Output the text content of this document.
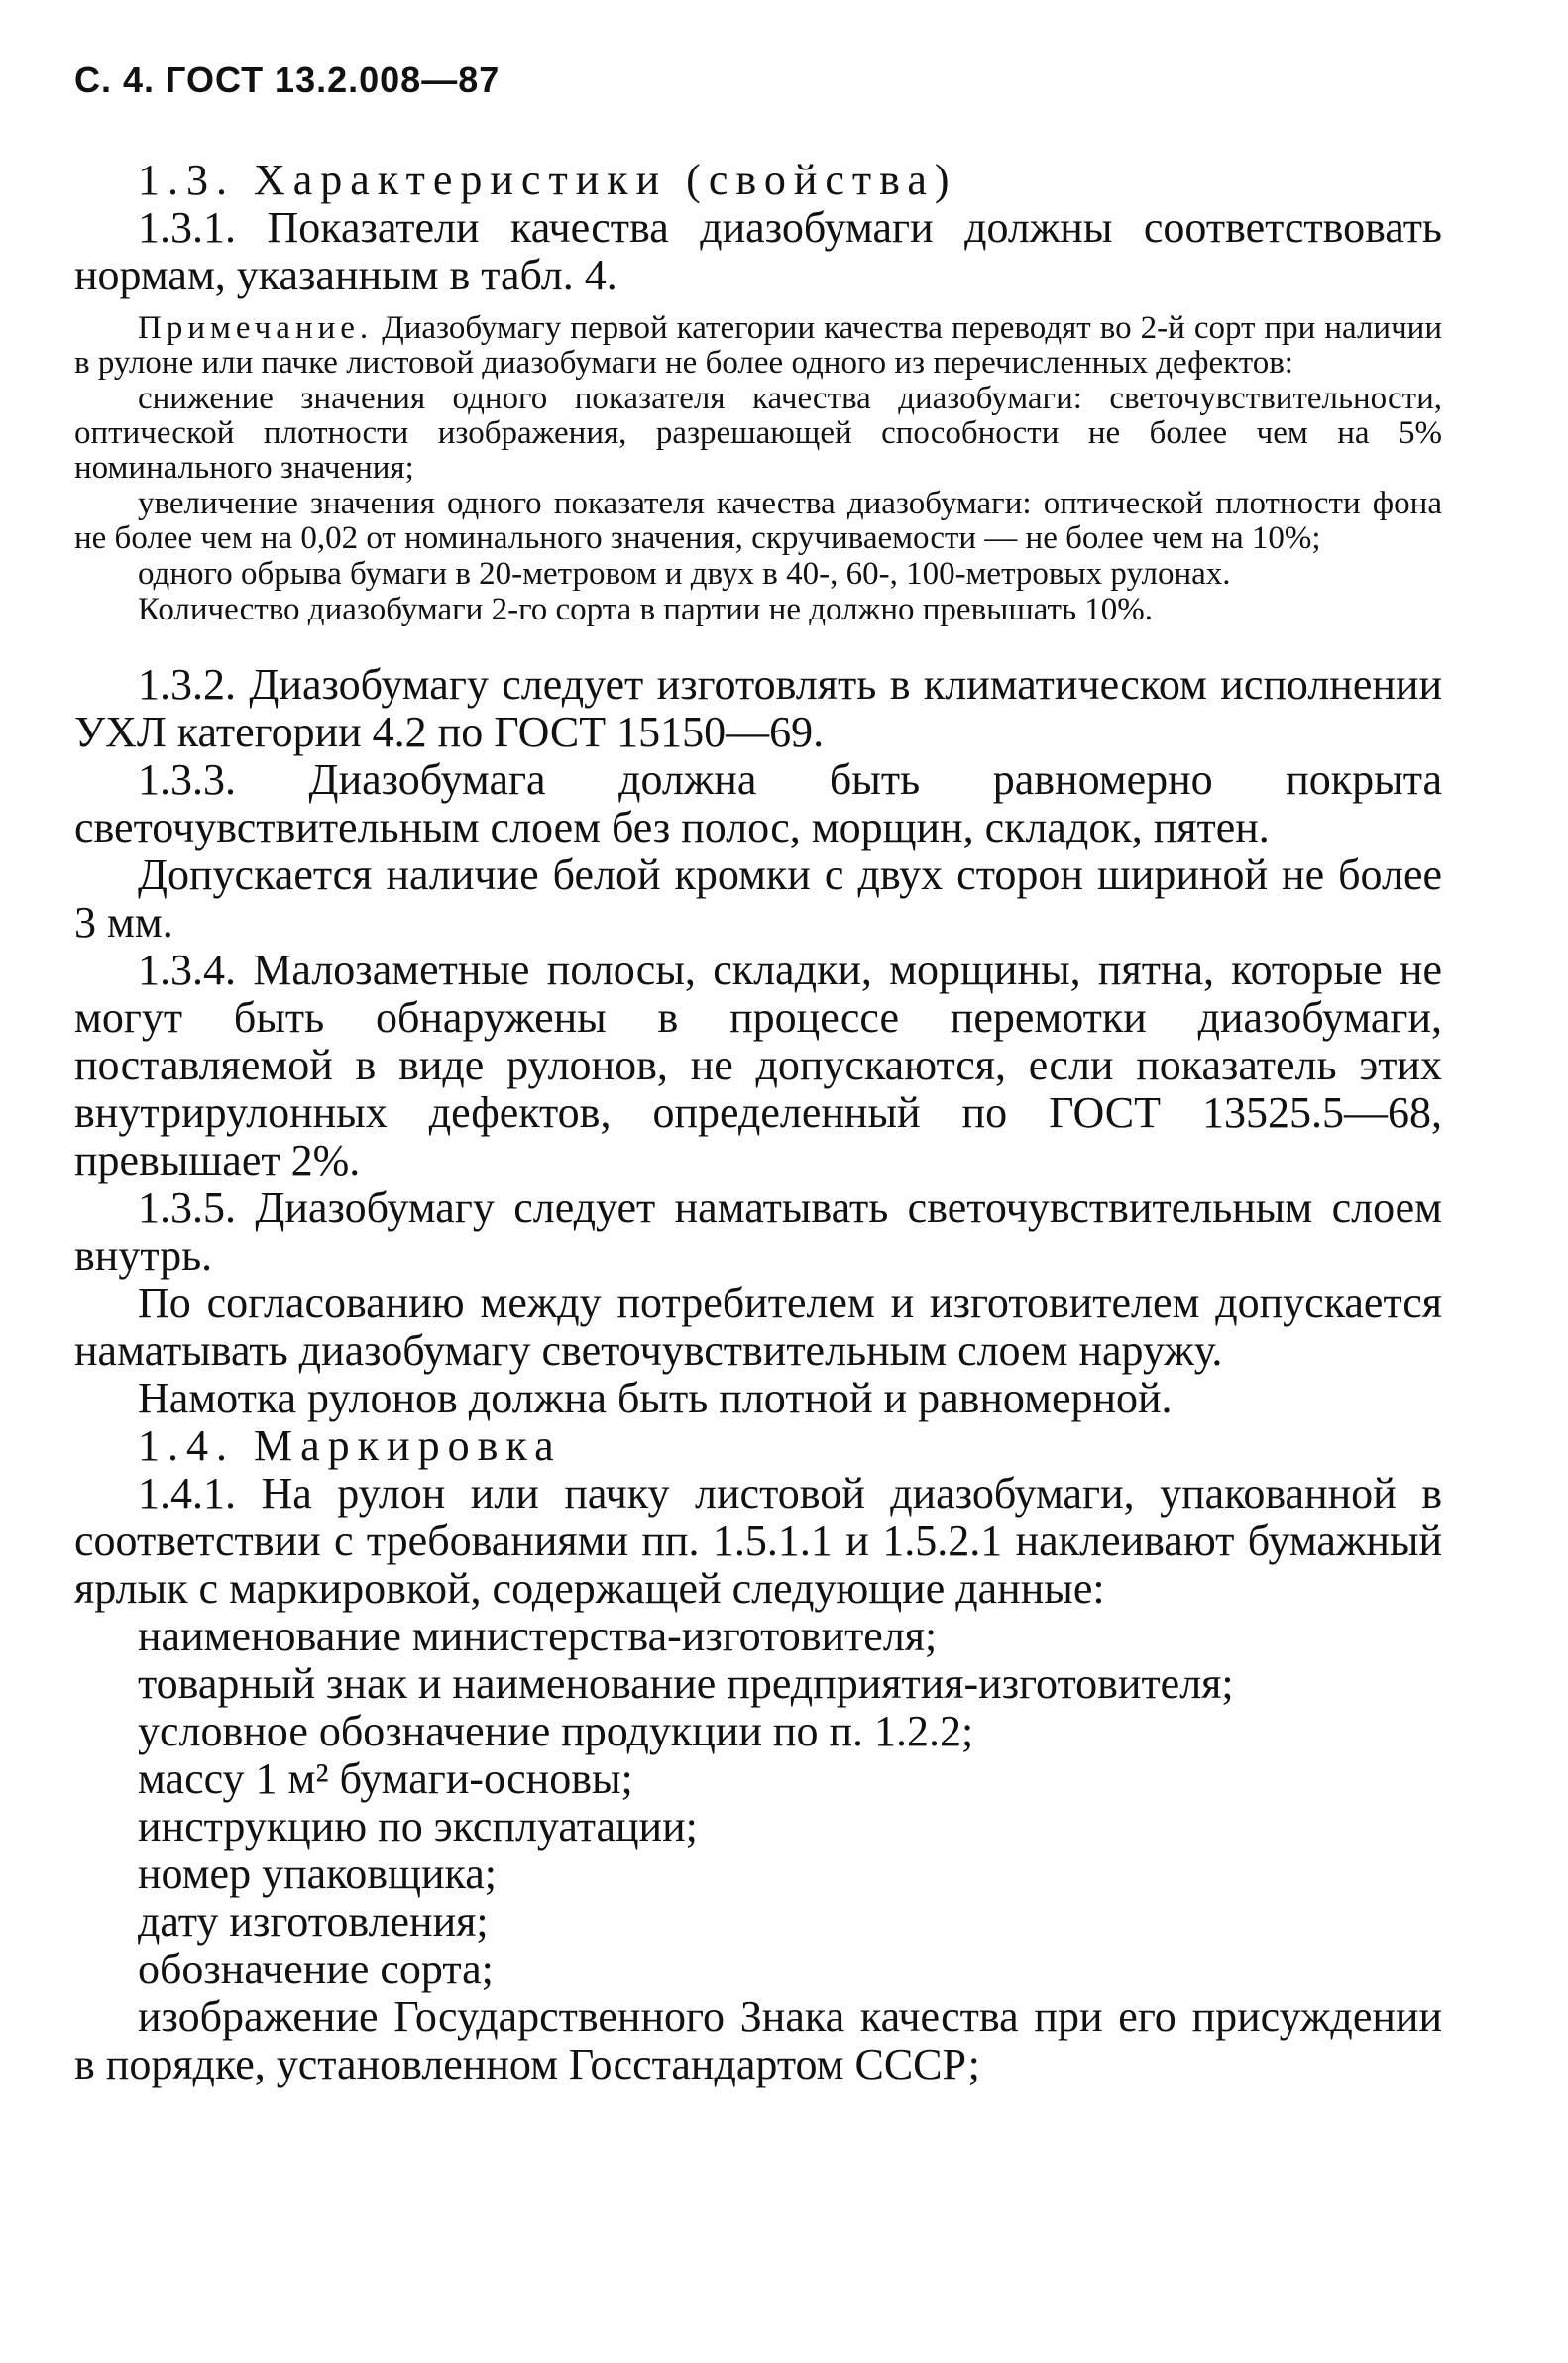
С. 4. ГОСТ 13.2.008—87

1.3. Характеристики (свойства)

1.3.1. Показатели качества диазобумаги должны соответствовать нормам, указанным в табл. 4.

Примечание. Диазобумагу первой категории качества переводят во 2-й сорт при наличии в рулоне или пачке листовой диазобумаги не более одного из перечисленных дефектов:

снижение значения одного показателя качества диазобумаги: светочувствительности, оптической плотности изображения, разрешающей способности не более чем на 5% номинального значения;

увеличение значения одного показателя качества диазобумаги: оптической плотности фона не более чем на 0,02 от номинального значения, скручиваемости — не более чем на 10%;

одного обрыва бумаги в 20-метровом и двух в 40-, 60-, 100-метровых рулонах.

Количество диазобумаги 2-го сорта в партии не должно превышать 10%.

1.3.2. Диазобумагу следует изготовлять в климатическом исполнении УХЛ категории 4.2 по ГОСТ 15150—69.

1.3.3. Диазобумага должна быть равномерно покрыта светочувствительным слоем без полос, морщин, складок, пятен.

Допускается наличие белой кромки с двух сторон шириной не более 3 мм.

1.3.4. Малозаметные полосы, складки, морщины, пятна, которые не могут быть обнаружены в процессе перемотки диазобумаги, поставляемой в виде рулонов, не допускаются, если показатель этих внутрирулонных дефектов, определенный по ГОСТ 13525.5—68, превышает 2%.

1.3.5. Диазобумагу следует наматывать светочувствительным слоем внутрь.

По согласованию между потребителем и изготовителем допускается наматывать диазобумагу светочувствительным слоем наружу.

Намотка рулонов должна быть плотной и равномерной.

1.4. Маркировка

1.4.1. На рулон или пачку листовой диазобумаги, упакованной в соответствии с требованиями пп. 1.5.1.1 и 1.5.2.1 наклеивают бумажный ярлык с маркировкой, содержащей следующие данные:

наименование министерства-изготовителя;

товарный знак и наименование предприятия-изготовителя;

условное обозначение продукции по п. 1.2.2;

массу 1 м² бумаги-основы;

инструкцию по эксплуатации;

номер упаковщика;

дату изготовления;

обозначение сорта;

изображение Государственного Знака качества при его присуждении в порядке, установленном Госстандартом СССР;
